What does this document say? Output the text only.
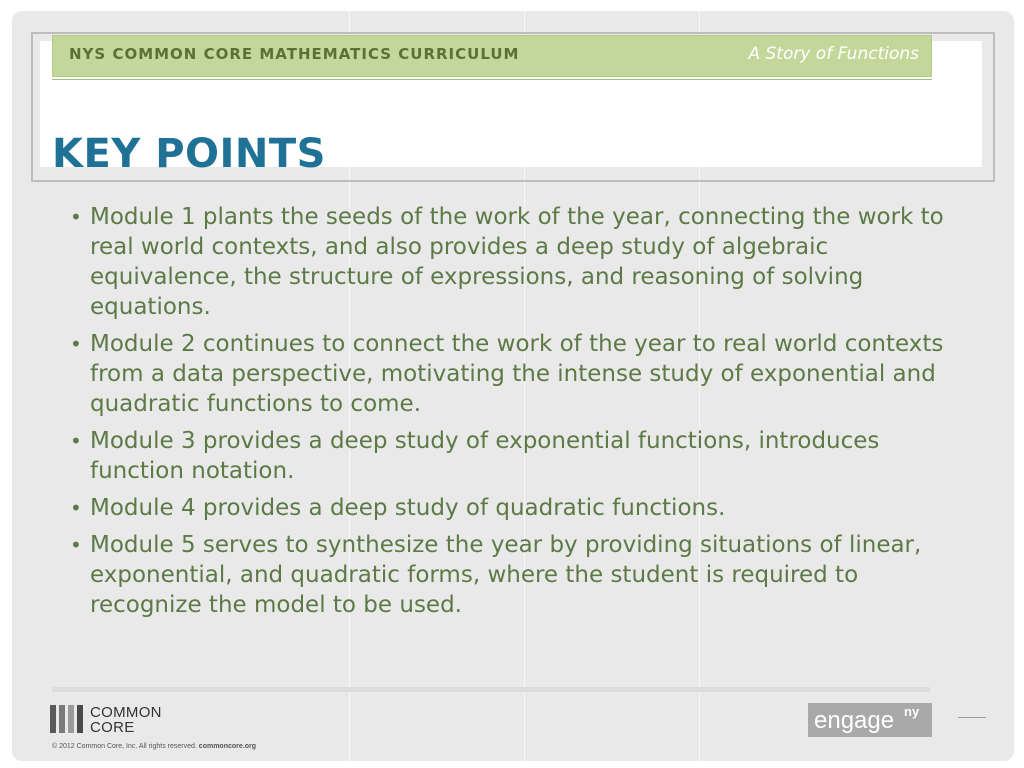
NYS COMMON CORE MATHEMATICS CURRICULUM	A Story of Functions
KEY POINTS
• Module 1 plants the seeds of the work of the year, connecting the work to real world contexts, and also provides a deep study of algebraic equivalence, the structure of expressions, and reasoning of solving equations.
• Module 2 continues to connect the work of the year to real world contexts from a data perspective, motivating the intense study of exponential and quadratic functions to come.
• Module 3 provides a deep study of exponential functions, introduces function notation.
• Module 4 provides a deep study of quadratic functions.
• Module 5 serves to synthesize the year by providing situations of linear, exponential, and quadratic forms, where the student is required to recognize the model to be used.
COMMON
CORE
© 2012 Common Core, Inc. All rights reserved. commoncore.org
engage ny
